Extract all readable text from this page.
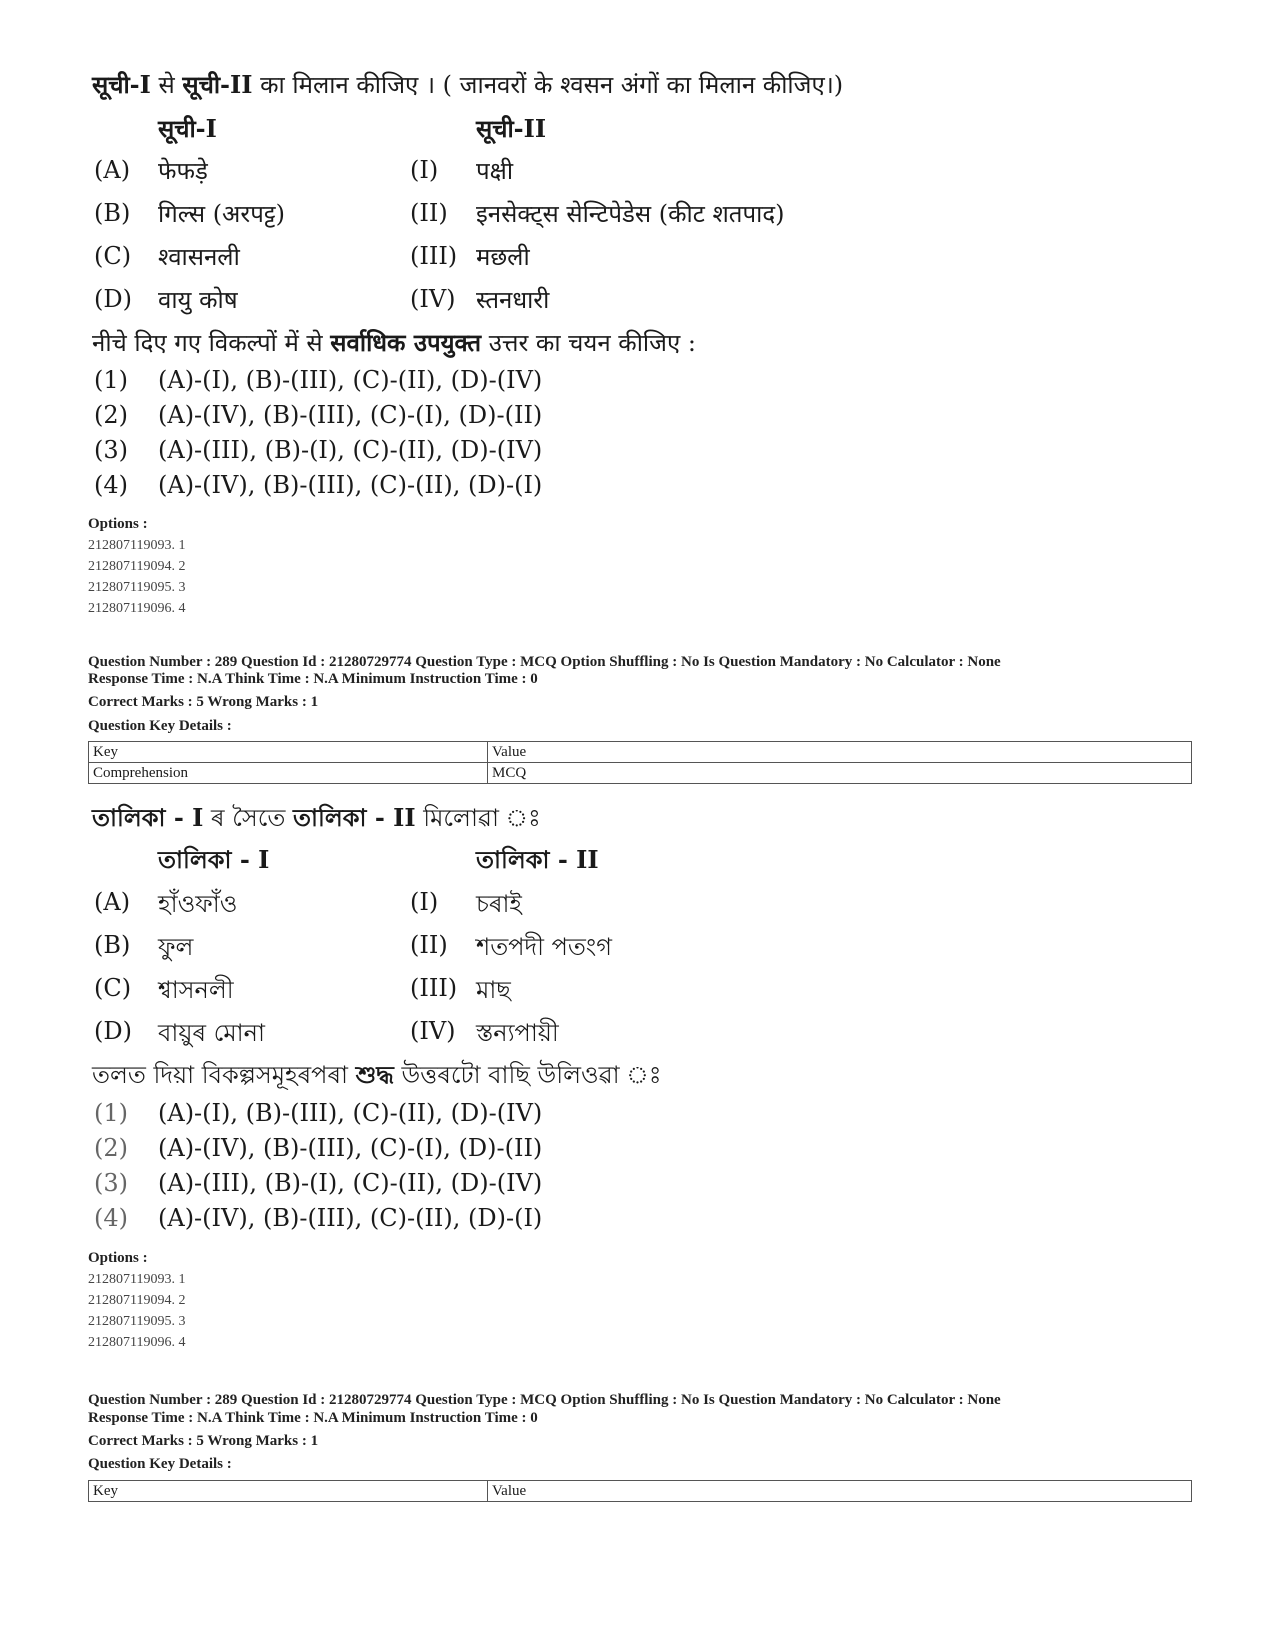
सूची-I से सूची-II का मिलान कीजिए । ( जानवरों के श्वसन अंगों का मिलान कीजिए।)
सूची-I	सूची-II
(A) फेफड़े	(I) पक्षी
(B) गिल्स (अरपट्ट)	(II) इनसेक्ट्स सेन्टिपेडेस (कीट शतपाद)
(C) श्वासनली	(III) मछली
(D) वायु कोष	(IV) स्तनधारी
नीचे दिए गए विकल्पों में से सर्वाधिक उपयुक्त उत्तर का चयन कीजिए :
(1) (A)-(I), (B)-(III), (C)-(II), (D)-(IV)
(2) (A)-(IV), (B)-(III), (C)-(I), (D)-(II)
(3) (A)-(III), (B)-(I), (C)-(II), (D)-(IV)
(4) (A)-(IV), (B)-(III), (C)-(II), (D)-(I)
Options :
212807119093. 1
212807119094. 2
212807119095. 3
212807119096. 4
Question Number : 289 Question Id : 21280729774 Question Type : MCQ Option Shuffling : No Is Question Mandatory : No Calculator : None
Response Time : N.A Think Time : N.A Minimum Instruction Time : 0
Correct Marks : 5 Wrong Marks : 1
Question Key Details :
Key	Value
Comprehension	MCQ
তালিকা - I ৰ সৈতে তালিকা - II মিলোৱা ঃ
তালিকা - I	তালিকা - II
(A) হাঁওফাঁও	(I) চৰাই
(B) ফুল	(II) শতপদী পতংগ
(C) শ্বাসনলী	(III) মাছ
(D) বায়ুৰ মোনা	(IV) স্তন্যপায়ী
তলত দিয়া বিকল্পসমূহৰপৰা শুদ্ধ উত্তৰটো বাছি উলিওৱা ঃ
(1) (A)-(I), (B)-(III), (C)-(II), (D)-(IV)
(2) (A)-(IV), (B)-(III), (C)-(I), (D)-(II)
(3) (A)-(III), (B)-(I), (C)-(II), (D)-(IV)
(4) (A)-(IV), (B)-(III), (C)-(II), (D)-(I)
Options :
212807119093. 1
212807119094. 2
212807119095. 3
212807119096. 4
Question Number : 289 Question Id : 21280729774 Question Type : MCQ Option Shuffling : No Is Question Mandatory : No Calculator : None
Response Time : N.A Think Time : N.A Minimum Instruction Time : 0
Correct Marks : 5 Wrong Marks : 1
Question Key Details :
Key	Value
